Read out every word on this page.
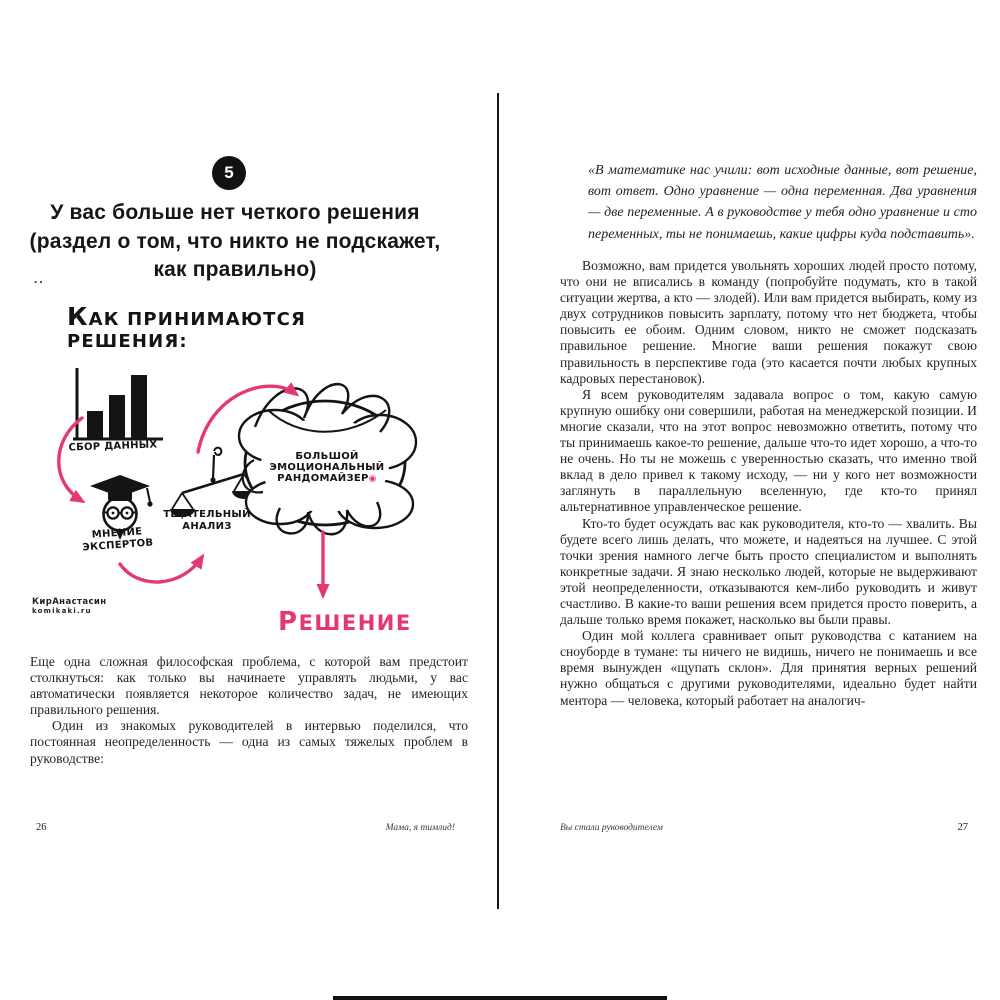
5
У вас больше нет четкого решения
(раздел о том, что никто не подскажет,
как правильно)
..
КАК ПРИНИМАЮТСЯ РЕШЕНИЯ:
СБОР ДАННЫХ
МНЕНИЕ
ЭКСПЕРТОВ
ТЩАТЕЛЬНЫЙ
АНАЛИЗ
БОЛЬШОЙ
ЭМОЦИОНАЛЬНЫЙ
РАНДОМАЙЗЕР◉
КирАнастасин
komikaki.ru	РЕШЕНИЕ

Еще одна сложная философская проблема, с которой вам предстоит столкнуться: как только вы начинаете управлять людьми, у вас автоматически появляется некоторое количество задач, не имеющих правильного решения.

Один из знакомых руководителей в интервью поделился, что постоянная неопределенность — одна из самых тяжелых проблем в руководстве:

26	Мама, я тимлид!
«В математике нас учили: вот исходные данные, вот решение, вот ответ. Одно уравнение — одна переменная. Два уравнения — две переменные. А в руководстве у тебя одно уравнение и сто переменных, ты не понимаешь, какие цифры куда подставить».

Возможно, вам придется увольнять хороших людей просто потому, что они не вписались в команду (попробуйте подумать, кто в такой ситуации жертва, а кто — злодей). Или вам придется выбирать, кому из двух сотрудников повысить зарплату, потому что нет бюджета, чтобы повысить ее обоим. Одним словом, никто не сможет подсказать правильное решение. Многие ваши решения покажут свою правильность в перспективе года (это касается почти любых крупных кадровых перестановок).

Я всем руководителям задавала вопрос о том, какую самую крупную ошибку они совершили, работая на менеджерской позиции. И многие сказали, что на этот вопрос невозможно ответить, потому что ты принимаешь какое-то решение, дальше что-то идет хорошо, а что-то не очень. Но ты не можешь с уверенностью сказать, что именно твой вклад в дело привел к такому исходу, — ни у кого нет возможности заглянуть в параллельную вселенную, где кто-то принял альтернативное управленческое решение.

Кто-то будет осуждать вас как руководителя, кто-то — хвалить. Вы будете всего лишь делать, что можете, и надеяться на лучшее. С этой точки зрения намного легче быть просто специалистом и выполнять конкретные задачи. Я знаю несколько людей, которые не выдерживают этой неопределенности, отказываются кем-либо руководить и живут счастливо. В какие-то ваши решения всем придется просто поверить, а дальше только время покажет, насколько вы были правы.

Один мой коллега сравнивает опыт руководства с катанием на сноуборде в тумане: ты ничего не видишь, ничего не понимаешь и все время вынужден «щупать склон». Для принятия верных решений нужно общаться с другими руководителями, идеально будет найти ментора — человека, который работает на аналогич-

Вы стали руководителем	27
